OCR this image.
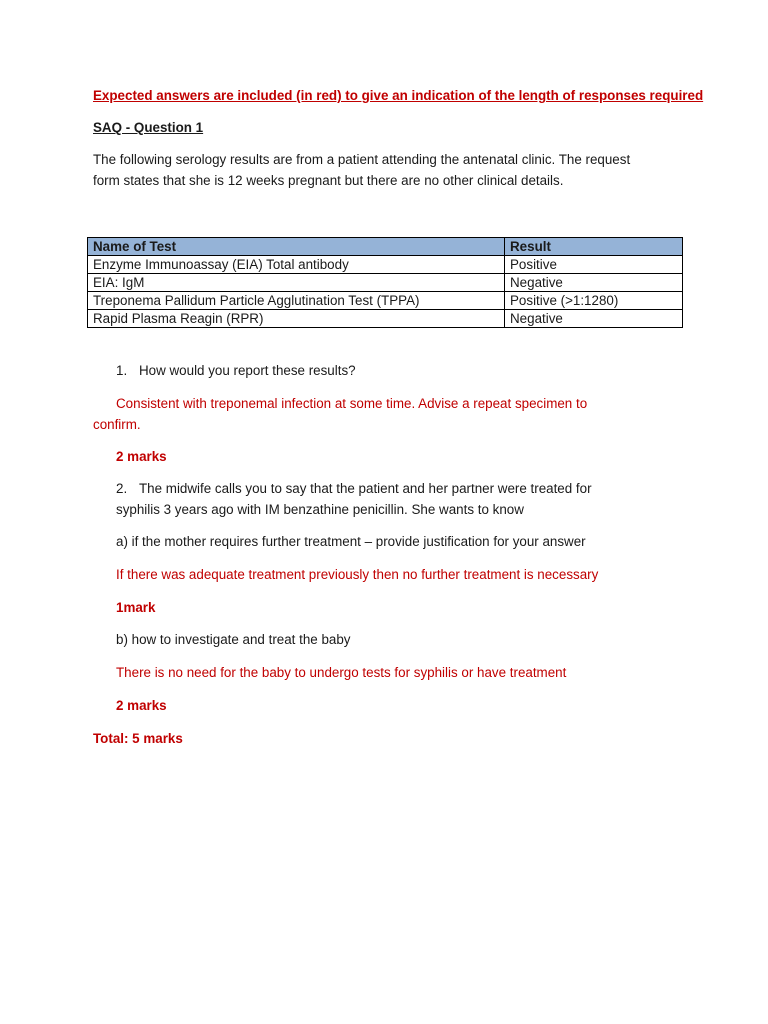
Expected answers are included (in red) to give an indication of the length of responses required
SAQ - Question 1
The following serology results are from a patient attending the antenatal clinic. The request
form states that she is 12 weeks pregnant but there are no other clinical details.
Name of Test	Result
Enzyme Immunoassay (EIA) Total antibody	Positive
EIA: IgM	Negative
Treponema Pallidum Particle Agglutination Test (TPPA)	Positive (>1:1280)
Rapid Plasma Reagin (RPR)	Negative
1. How would you report these results?
Consistent with treponemal infection at some time. Advise a repeat specimen to
confirm.
2 marks
2. The midwife calls you to say that the patient and her partner were treated for
syphilis 3 years ago with IM benzathine penicillin. She wants to know
a) if the mother requires further treatment – provide justification for your answer
If there was adequate treatment previously then no further treatment is necessary
1mark
b) how to investigate and treat the baby
There is no need for the baby to undergo tests for syphilis or have treatment
2 marks
Total: 5 marks
